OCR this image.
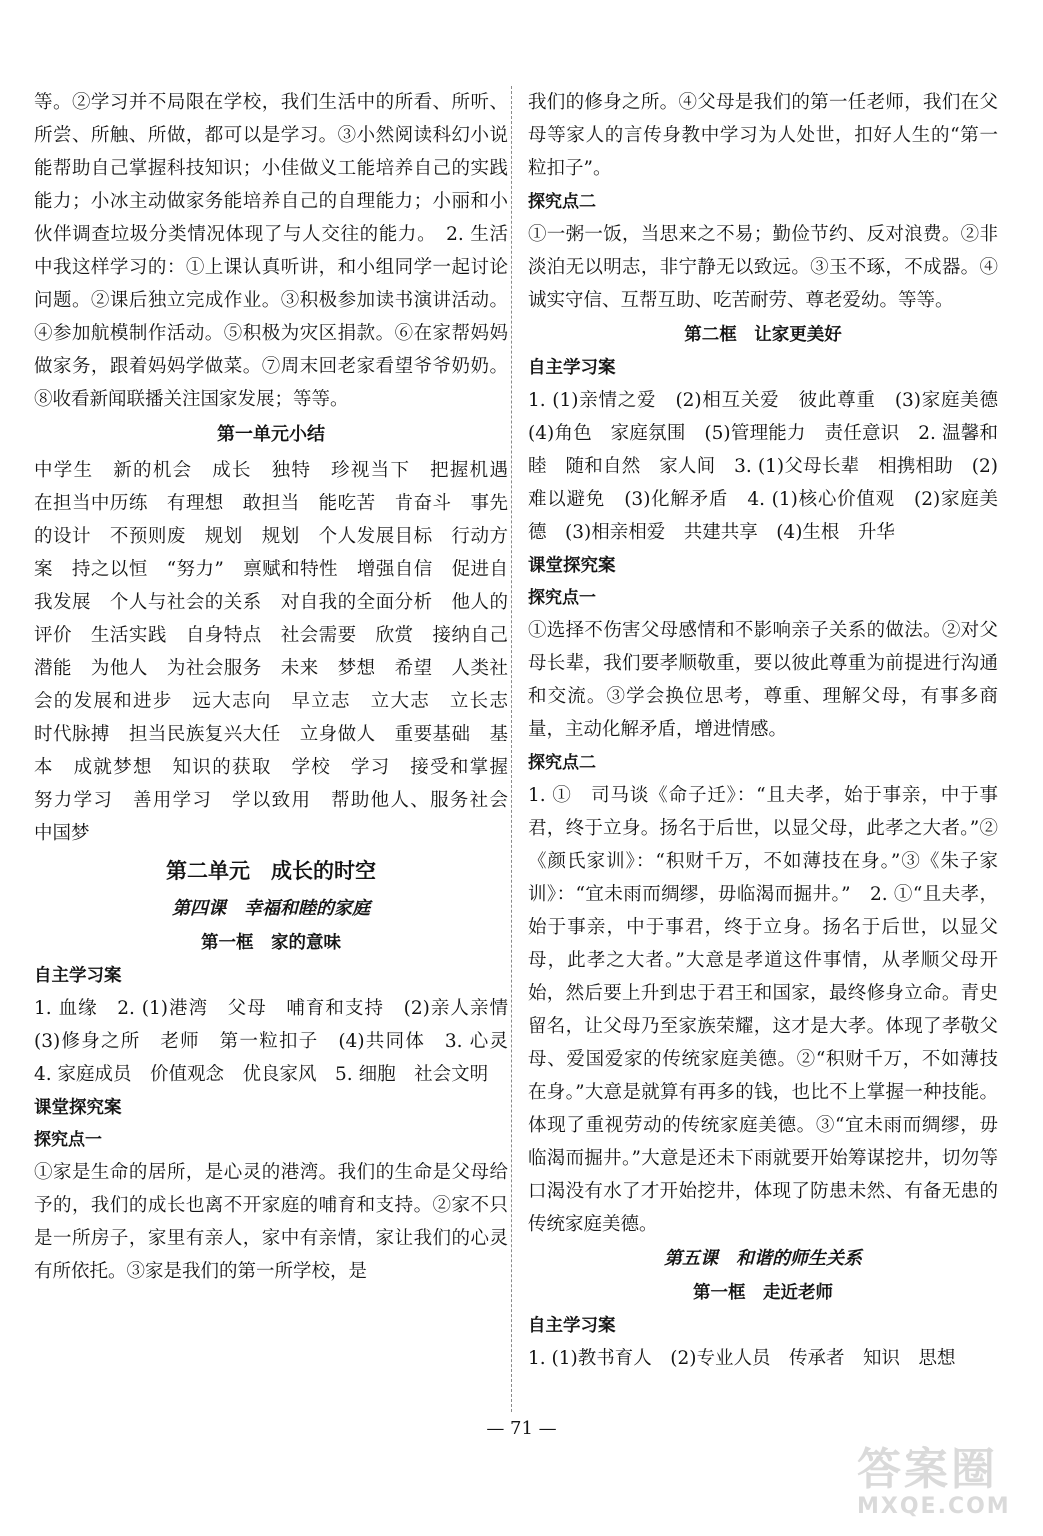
等。②学习并不局限在学校，我们生活中的所看、所听、所尝、所触、所做，都可以是学习。③小然阅读科幻小说能帮助自己掌握科技知识；小佳做义工能培养自己的实践能力；小冰主动做家务能培养自己的自理能力；小丽和小伙伴调查垃圾分类情况体现了与人交往的能力。　2. 生活中我这样学习的：①上课认真听讲，和小组同学一起讨论问题。②课后独立完成作业。③积极参加读书演讲活动。④参加航模制作活动。⑤积极为灾区捐款。⑥在家帮妈妈做家务，跟着妈妈学做菜。⑦周末回老家看望爷爷奶奶。⑧收看新闻联播关注国家发展；等等。

第一单元小结

中学生　新的机会　成长　独特　珍视当下　把握机遇　在担当中历练　有理想　敢担当　能吃苦　肯奋斗　事先的设计　不预则废　规划　规划　个人发展目标　行动方案　持之以恒　“努力”　禀赋和特性　增强自信　促进自我发展　个人与社会的关系　对自我的全面分析　他人的评价　生活实践　自身特点　社会需要　欣赏　接纳自己　潜能　为他人　为社会服务　未来　梦想　希望　人类社会的发展和进步　远大志向　早立志　立大志　立长志　时代脉搏　担当民族复兴大任　立身做人　重要基础　基本　成就梦想　知识的获取　学校　学习　接受和掌握　努力学习　善用学习　学以致用　帮助他人、服务社会　中国梦

第二单元　成长的时空
第四课　幸福和睦的家庭
第一框　家的意味
自主学习案

1. 血缘　2. (1)港湾　父母　哺育和支持　(2)亲人亲情　(3)修身之所　老师　第一粒扣子　(4)共同体　3. 心灵　4. 家庭成员　价值观念　优良家风　5. 细胞　社会文明

课堂探究案
探究点一

①家是生命的居所，是心灵的港湾。我们的生命是父母给予的，我们的成长也离不开家庭的哺育和支持。②家不只是一所房子，家里有亲人，家中有亲情，家让我们的心灵有所依托。③家是我们的第一所学校，是

我们的修身之所。④父母是我们的第一任老师，我们在父母等家人的言传身教中学习为人处世，扣好人生的“第一粒扣子”。

探究点二

①一粥一饭，当思来之不易；勤俭节约、反对浪费。②非淡泊无以明志，非宁静无以致远。③玉不琢，不成器。④诚实守信、互帮互助、吃苦耐劳、尊老爱幼。等等。

第二框　让家更美好
自主学习案

1. (1)亲情之爱　(2)相互关爱　彼此尊重　(3)家庭美德　(4)角色　家庭氛围　(5)管理能力　责任意识　2. 温馨和睦　随和自然　家人间　3. (1)父母长辈　相携相助　(2)难以避免　(3)化解矛盾　4. (1)核心价值观　(2)家庭美德　(3)相亲相爱　共建共享　(4)生根　升华

课堂探究案
探究点一

①选择不伤害父母感情和不影响亲子关系的做法。②对父母长辈，我们要孝顺敬重，要以彼此尊重为前提进行沟通和交流。③学会换位思考，尊重、理解父母，有事多商量，主动化解矛盾，增进情感。

探究点二

1. ①　司马谈《命子迁》：“且夫孝，始于事亲，中于事君，终于立身。扬名于后世，以显父母，此孝之大者。”②《颜氏家训》：“积财千万，不如薄技在身。”③《朱子家训》：“宜未雨而绸缪，毋临渴而掘井。”　2. ①“且夫孝，始于事亲，中于事君，终于立身。扬名于后世，以显父母，此孝之大者。”大意是孝道这件事情，从孝顺父母开始，然后要上升到忠于君王和国家，最终修身立命。青史留名，让父母乃至家族荣耀，这才是大孝。体现了孝敬父母、爱国爱家的传统家庭美德。②“积财千万，不如薄技在身。”大意是就算有再多的钱，也比不上掌握一种技能。体现了重视劳动的传统家庭美德。③“宜未雨而绸缪，毋临渴而掘井。”大意是还未下雨就要开始筹谋挖井，切勿等口渴没有水了才开始挖井，体现了防患未然、有备无患的传统家庭美德。

第五课　和谐的师生关系
第一框　走近老师
自主学习案

1. (1)教书育人　(2)专业人员　传承者　知识　思想

— 71 —
答案圈
MXQE.COM
